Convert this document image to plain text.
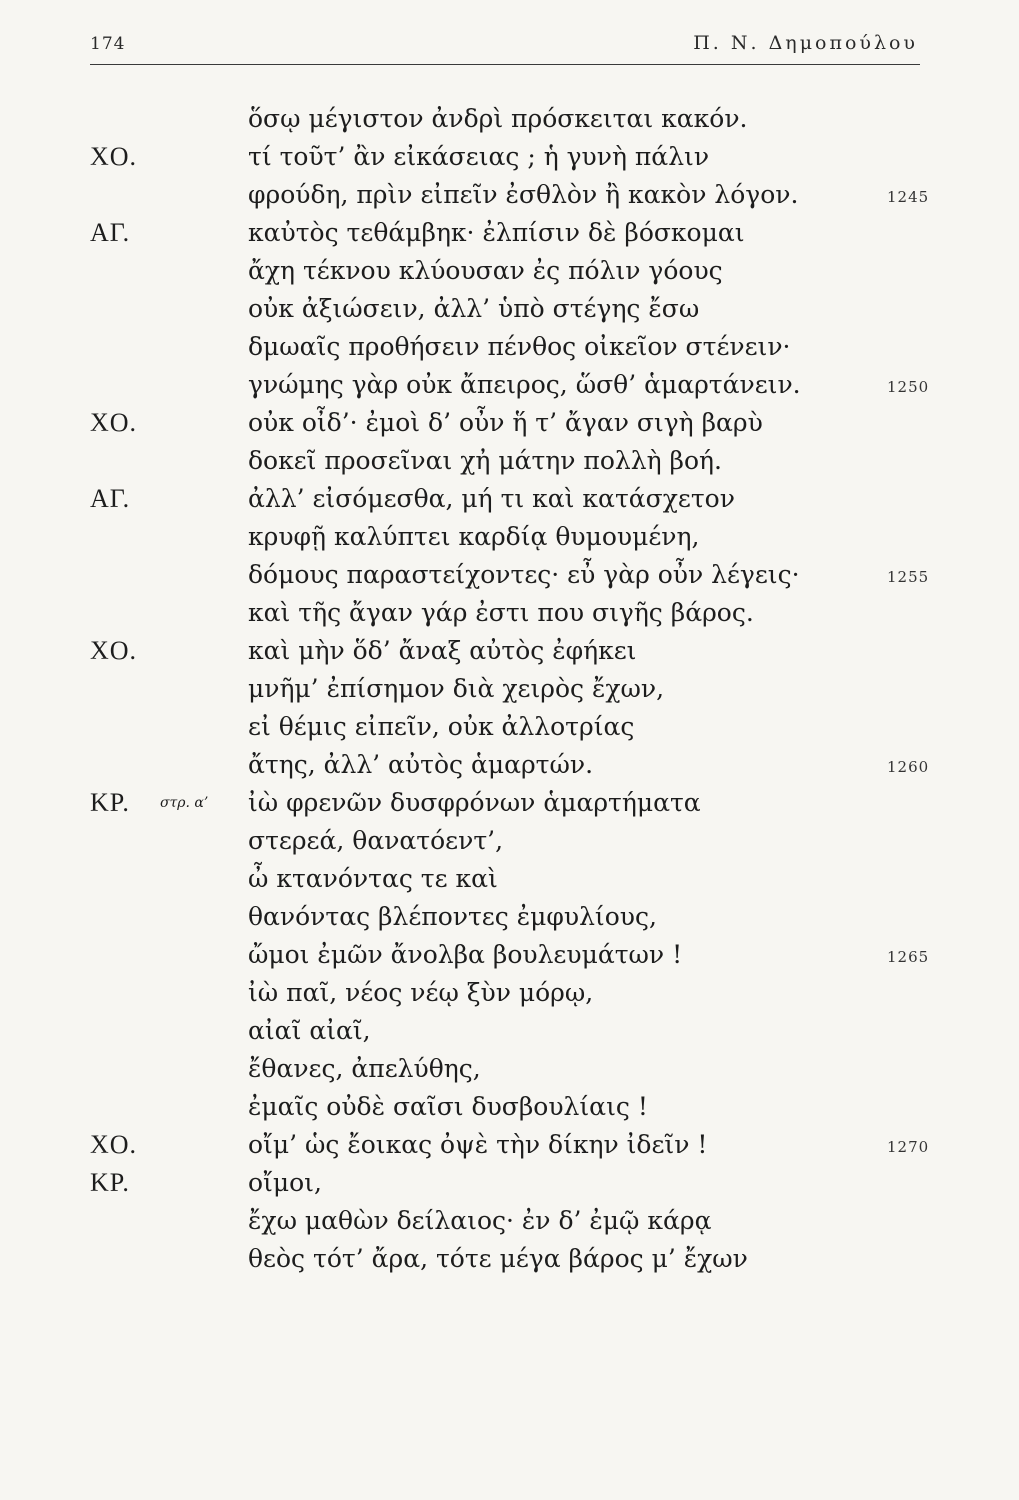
174	Π. Ν. Δημοπούλου
ὅσῳ μέγιστον ἀνδρὶ πρόσκειται κακόν.
ΧΟ.	τί τοῦτ’ ἂν εἰκάσειας ; ἡ γυνὴ πάλιν
φρούδη, πρὶν εἰπεῖν ἐσθλὸν ἢ κακὸν λόγον.	1245
ΑΓ.	καὐτὸς τεθάμβηκ· ἐλπίσιν δὲ βόσκομαι
ἄχη τέκνου κλύουσαν ἐς πόλιν γόους
οὐκ ἀξιώσειν, ἀλλ’ ὑπὸ στέγης ἔσω
δμωαῖς προθήσειν πένθος οἰκεῖον στένειν·
γνώμης γὰρ οὐκ ἄπειρος, ὥσθ’ ἁμαρτάνειν.	1250
ΧΟ.	οὐκ οἶδ’· ἐμοὶ δ’ οὖν ἥ τ’ ἄγαν σιγὴ βαρὺ
δοκεῖ προσεῖναι χἠ μάτην πολλὴ βοή.
ΑΓ.	ἀλλ’ εἰσόμεσθα, μή τι καὶ κατάσχετον
κρυφῇ καλύπτει καρδίᾳ θυμουμένη,
δόμους παραστείχοντες· εὖ γὰρ οὖν λέγεις·	1255
καὶ τῆς ἄγαν γάρ ἐστι που σιγῆς βάρος.
ΧΟ.	καὶ μὴν ὅδ’ ἄναξ αὐτὸς ἐφήκει
μνῆμ’ ἐπίσημον διὰ χειρὸς ἔχων,
εἰ θέμις εἰπεῖν, οὐκ ἀλλοτρίας
ἄτης, ἀλλ’ αὐτὸς ἁμαρτών.	1260
ΚΡ. στρ. α’ ἰὼ φρενῶν δυσφρόνων ἁμαρτήματα
στερεά, θανατόεντ’,
ὦ κτανόντας τε καὶ
θανόντας βλέποντες ἐμφυλίους,
ὤμοι ἐμῶν ἄνολβα βουλευμάτων !	1265
ἰὼ παῖ, νέος νέῳ ξὺν μόρῳ,
αἰαῖ αἰαῖ,
ἔθανες, ἀπελύθης,
ἐμαῖς οὐδὲ σαῖσι δυσβουλίαις !
ΧΟ.	οἴμ’ ὡς ἔοικας ὀψὲ τὴν δίκην ἰδεῖν !	1270
ΚΡ.	οἴμοι,
ἔχω μαθὼν δείλαιος· ἐν δ’ ἐμῷ κάρᾳ
θεὸς τότ’ ἄρα, τότε μέγα βάρος μ’ ἔχων
